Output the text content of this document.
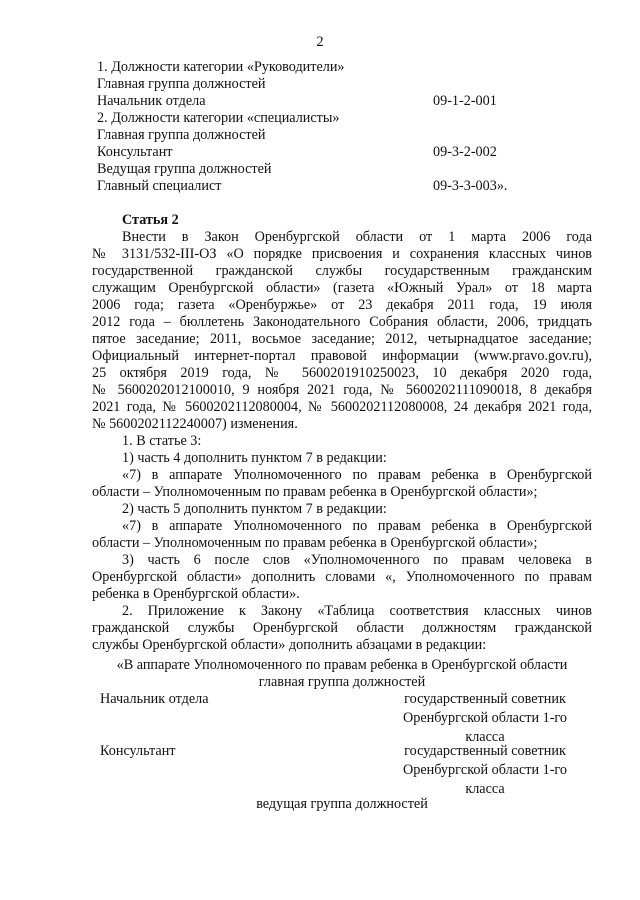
2
1. Должности категории «Руководители»
Главная группа должностей
Начальник отдела	09-1-2-001
2. Должности категории «специалисты»
Главная группа должностей
Консультант	09-3-2-002
Ведущая группа должностей
Главный специалист	09-3-3-003».
Статья 2
Внести в Закон Оренбургской области от 1 марта 2006 года
№ 3131/532-III-ОЗ «О порядке присвоения и сохранения классных чинов
государственной гражданской службы государственным гражданским
служащим Оренбургской области» (газета «Южный Урал» от 18 марта
2006 года; газета «Оренбуржье» от 23 декабря 2011 года, 19 июля
2012 года – бюллетень Законодательного Собрания области, 2006, тридцать
пятое заседание; 2011, восьмое заседание; 2012, четырнадцатое заседание;
Официальный интернет-портал правовой информации (www.pravo.gov.ru),
25 октября 2019 года, № 5600201910250023, 10 декабря 2020 года,
№ 5600202012100010, 9 ноября 2021 года, № 5600202111090018, 8 декабря
2021 года, № 5600202112080004, № 5600202112080008, 24 декабря 2021 года,
№ 5600202112240007) изменения.
1. В статье 3:
1) часть 4 дополнить пунктом 7 в редакции:
«7) в аппарате Уполномоченного по правам ребенка в Оренбургской
области – Уполномоченным по правам ребенка в Оренбургской области»;
2) часть 5 дополнить пунктом 7 в редакции:
«7) в аппарате Уполномоченного по правам ребенка в Оренбургской
области – Уполномоченным по правам ребенка в Оренбургской области»;
3) часть 6 после слов «Уполномоченного по правам человека в
Оренбургской области» дополнить словами «, Уполномоченного по правам
ребенка в Оренбургской области».
2. Приложение к Закону «Таблица соответствия классных чинов
гражданской службы Оренбургской области должностям гражданской
службы Оренбургской области» дополнить абзацами в редакции:
«В аппарате Уполномоченного по правам ребенка в Оренбургской области
главная группа должностей
Начальник отдела	государственный советник
Оренбургской области 1-го
класса
Консультант	государственный советник
Оренбургской области 1-го
класса
ведущая группа должностей
